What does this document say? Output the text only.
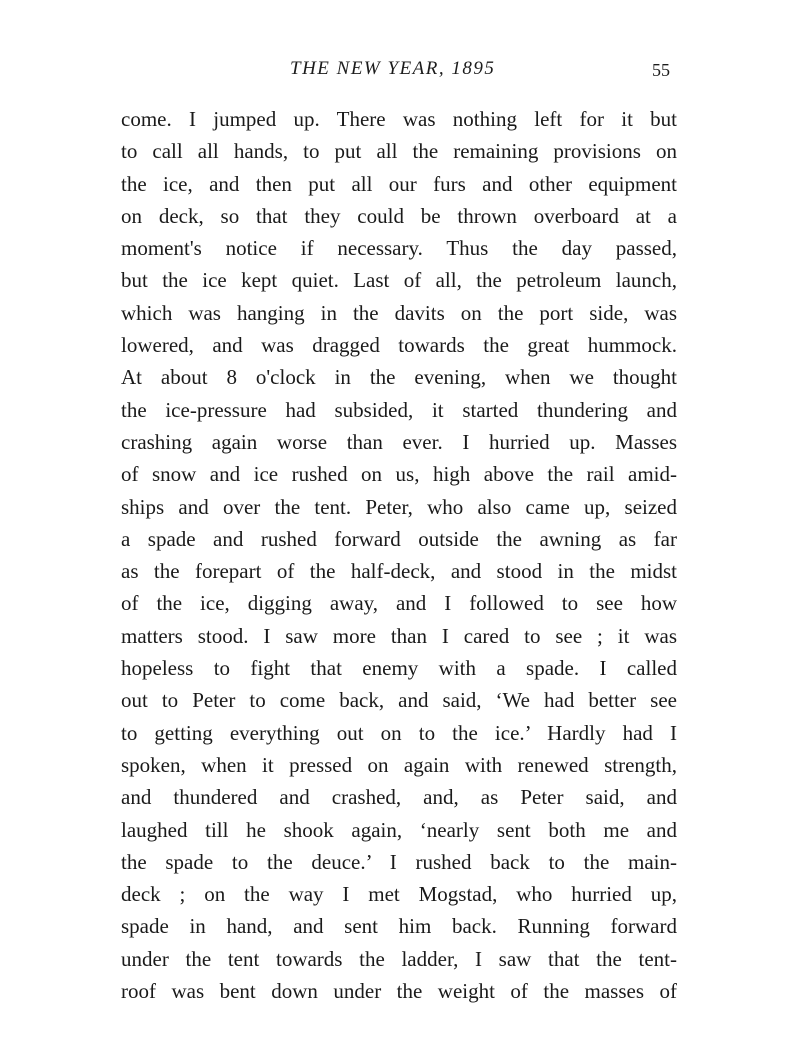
THE NEW YEAR, 1895	55
come. I jumped up. There was nothing left for it but
to call all hands, to put all the remaining provisions on
the ice, and then put all our furs and other equipment
on deck, so that they could be thrown overboard at a
moment's notice if necessary. Thus the day passed,
but the ice kept quiet. Last of all, the petroleum launch,
which was hanging in the davits on the port side, was
lowered, and was dragged towards the great hummock.
At about 8 o'clock in the evening, when we thought
the ice-pressure had subsided, it started thundering and
crashing again worse than ever. I hurried up. Masses
of snow and ice rushed on us, high above the rail amid-
ships and over the tent. Peter, who also came up, seized
a spade and rushed forward outside the awning as far
as the forepart of the half-deck, and stood in the midst
of the ice, digging away, and I followed to see how
matters stood. I saw more than I cared to see ; it was
hopeless to fight that enemy with a spade. I called
out to Peter to come back, and said, ‘We had better see
to getting everything out on to the ice.’ Hardly had I
spoken, when it pressed on again with renewed strength,
and thundered and crashed, and, as Peter said, and
laughed till he shook again, ‘nearly sent both me and
the spade to the deuce.’ I rushed back to the main-
deck ; on the way I met Mogstad, who hurried up,
spade in hand, and sent him back. Running forward
under the tent towards the ladder, I saw that the tent-
roof was bent down under the weight of the masses of
